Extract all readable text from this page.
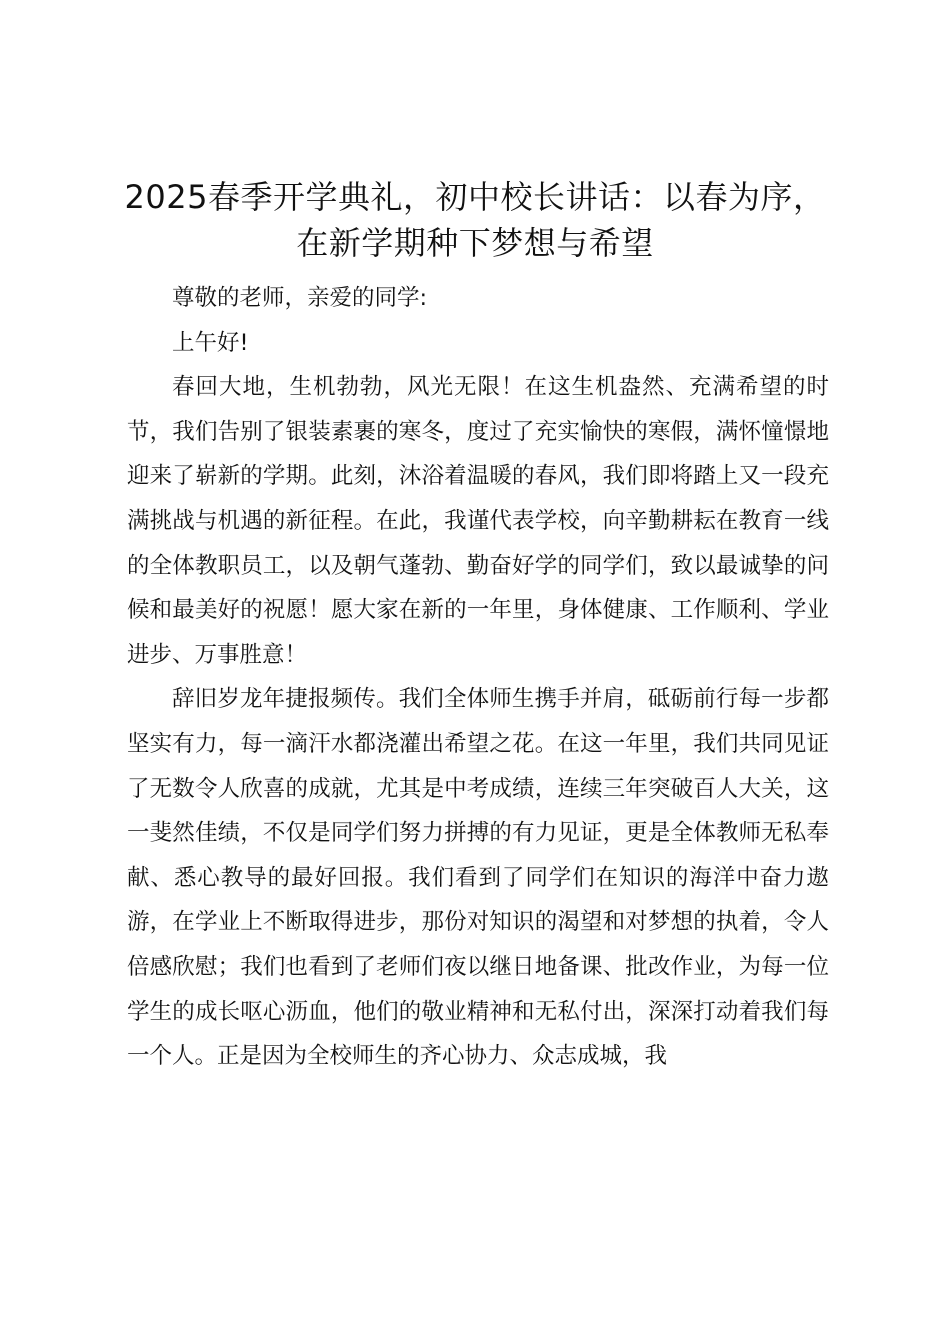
2025春季开学典礼，初中校长讲话：以春为序，在新学期种下梦想与希望

尊敬的老师，亲爱的同学:

上午好!

春回大地，生机勃勃，风光无限！在这生机盎然、充满希望的时节，我们告别了银装素裹的寒冬，度过了充实愉快的寒假，满怀憧憬地迎来了崭新的学期。此刻，沐浴着温暖的春风，我们即将踏上又一段充满挑战与机遇的新征程。在此，我谨代表学校，向辛勤耕耘在教育一线的全体教职员工，以及朝气蓬勃、勤奋好学的同学们，致以最诚挚的问候和最美好的祝愿！愿大家在新的一年里，身体健康、工作顺利、学业进步、万事胜意！

辞旧岁龙年捷报频传。我们全体师生携手并肩，砥砺前行每一步都坚实有力，每一滴汗水都浇灌出希望之花。在这一年里，我们共同见证了无数令人欣喜的成就，尤其是中考成绩，连续三年突破百人大关，这一斐然佳绩，不仅是同学们努力拼搏的有力见证，更是全体教师无私奉献、悉心教导的最好回报。我们看到了同学们在知识的海洋中奋力遨游，在学业上不断取得进步，那份对知识的渴望和对梦想的执着，令人倍感欣慰；我们也看到了老师们夜以继日地备课、批改作业，为每一位学生的成长呕心沥血，他们的敬业精神和无私付出，深深打动着我们每一个人。正是因为全校师生的齐心协力、众志成城，我
